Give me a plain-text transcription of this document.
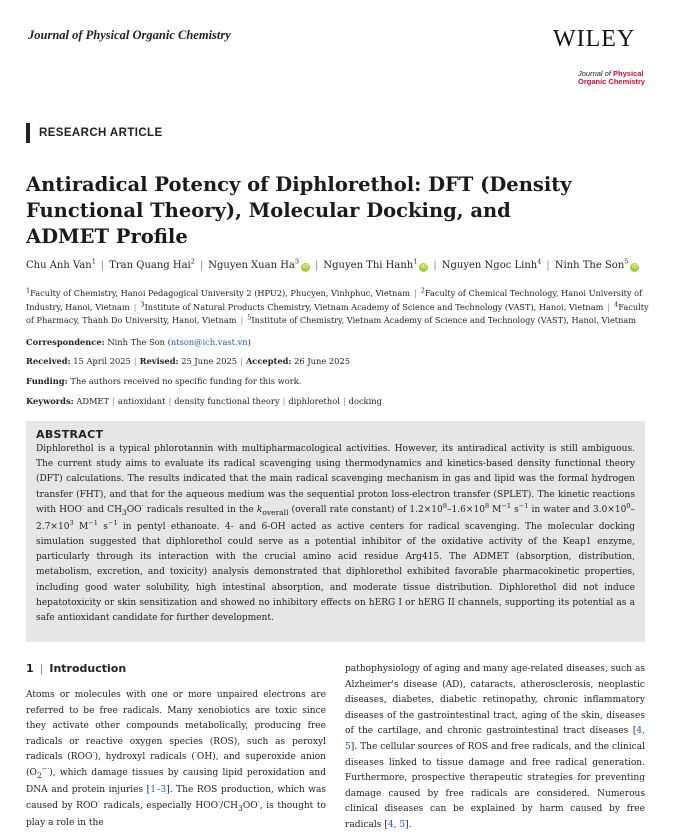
Journal of Physical Organic Chemistry	WILEY
Journal of Physical
Organic Chemistry
RESEARCH ARTICLE
Antiradical Potency of Diphlorethol: DFT (Density Functional Theory), Molecular Docking, and ADMET Profile
Chu Anh Van$^1$ | Tran Quang Hai$^2$ | Nguyen Xuan Ha$^3$iD | Nguyen Thi Hanh$^1$iD | Nguyen Ngoc Linh$^4$ | Ninh The Son$^5$iD
$^1$Faculty of Chemistry, Hanoi Pedagogical University 2 (HPU2), Phucyen, Vinhphuc, Vietnam | $^2$Faculty of Chemical Technology, Hanoi University of Industry, Hanoi, Vietnam | $^3$Institute of Natural Products Chemistry, Vietnam Academy of Science and Technology (VAST), Hanoi, Vietnam | $^4$Faculty of Pharmacy, Thanh Do University, Hanoi, Vietnam | $^5$Institute of Chemistry, Vietnam Academy of Science and Technology (VAST), Hanoi, Vietnam
Correspondence: Ninh The Son (ntson@ich.vast.vn)
Received: 15 April 2025 | Revised: 25 June 2025 | Accepted: 26 June 2025
Funding: The authors received no specific funding for this work.
Keywords: ADMET | antioxidant | density functional theory | diphlorethol | docking
ABSTRACT

Diphlorethol is a typical phlorotannin with multipharmacological activities. However, its antiradical activity is still ambiguous. The current study aims to evaluate its radical scavenging using thermodynamics and kinetics-based density functional theory (DFT) calculations. The results indicated that the main radical scavenging mechanism in gas and lipid was the formal hydrogen transfer (FHT), and that for the aqueous medium was the sequential proton loss-electron transfer (SPLET). The kinetic reactions with HOO· and $CH_3OO^\cdot$ radicals resulted in the $k_{overall}$ (overall rate constant) of $1.2\times 10^8-1.6\times 10^8$ $M^{-1}$ $s^{-1}$ in water and $3.0\times 10^0-2.7\times 10^3$ $M^{-1}$ $s^{-1}$ in pentyl ethanoate. 4- and 6-OH acted as active centers for radical scavenging. The molecular docking simulation suggested that diphlorethol could serve as a potential inhibitor of the oxidative activity of the Keap1 enzyme, particularly through its interaction with the crucial amino acid residue Arg415. The ADMET (absorption, distribution, metabolism, excretion, and toxicity) analysis demonstrated that diphlorethol exhibited favorable pharmacokinetic properties, including good water solubility, high intestinal absorption, and moderate tissue distribution. Diphlorethol did not induce hepatotoxicity or skin sensitization and showed no inhibitory effects on hERG I or hERG II channels, supporting its potential as a safe antioxidant candidate for further development.

1 | Introduction
Atoms or molecules with one or more unpaired electrons are referred to be free radicals. Many xenobiotics are toxic since they activate other compounds metabolically, producing free radicals or reactive oxygen species (ROS), such as peroxyl radicals (ROO·), hydroxyl radicals (·OH), and superoxide anion $(O_2^{-\cdot})$, which damage tissues by causing lipid peroxidation and DNA and protein injuries [1–3]. The ROS production, which was caused by ROO· radicals, especially $HOO^\cdot/CH_3OO^\cdot$, is thought to play a role in the
pathophysiology of aging and many age-related diseases, such as Alzheimer's disease (AD), cataracts, atherosclerosis, neoplastic diseases, diabetes, diabetic retinopathy, chronic inflammatory diseases of the gastrointestinal tract, aging of the skin, diseases of the cartilage, and chronic gastrointestinal tract diseases [4, 5]. The cellular sources of ROS and free radicals, and the clinical diseases linked to tissue damage and free radical generation. Furthermore, prospective therapeutic strategies for preventing damage caused by free radicals are considered. Numerous clinical diseases can be explained by harm caused by free radicals [4, 5].
